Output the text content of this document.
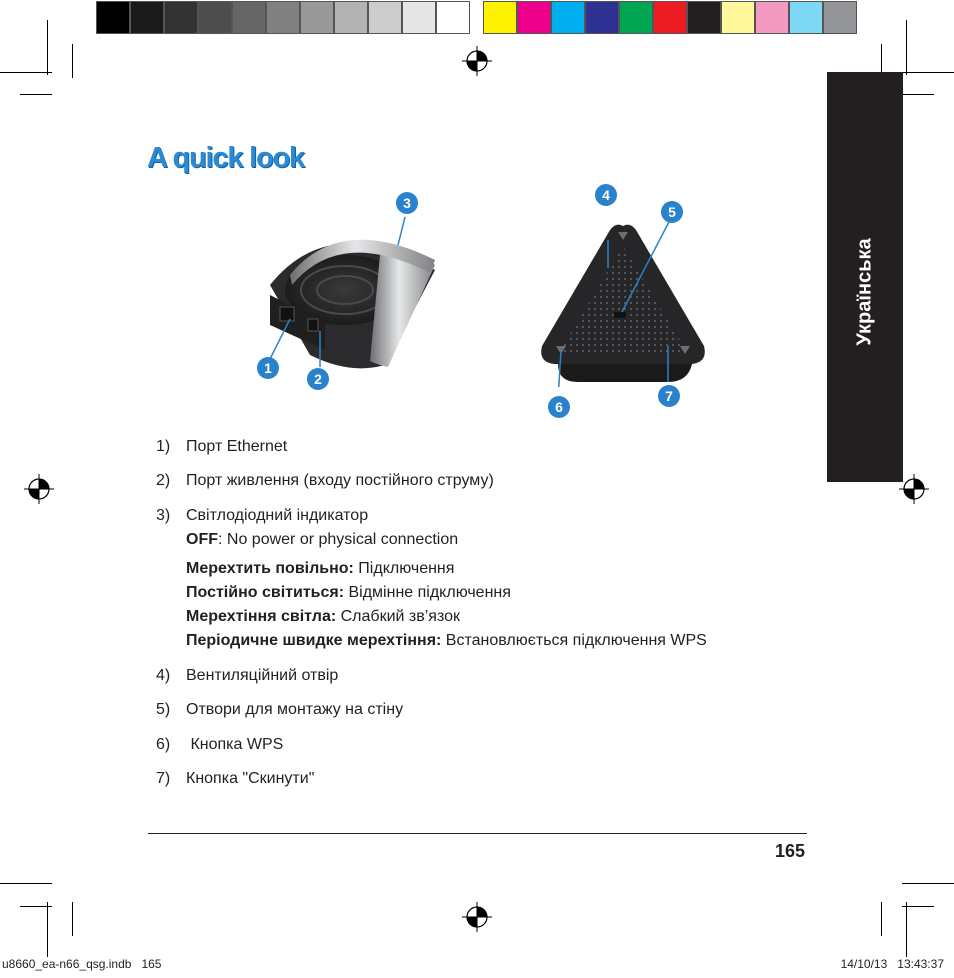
Українська
A quick look
1
2
3	4
5
6
7
1) Порт Ethernet
2) Порт живлення (входу постійного струму)
3) Світлодіодний індикатор
OFF: No power or physical connection
Мерехтить повільно: Підключення
Постійно світиться: Відмінне підключення
Мерехтіння світла: Слабкий зв’язок
Періодичне швидке мерехтіння: Встановлюється підключення WPS
4) Вентиляційний отвір
5) Отвори для монтажу на стіну
6) Кнопка WPS
7) Кнопка "Скинути"
165
u8660_ea-n66_qsg.indb   165	14/10/13   13:43:37
